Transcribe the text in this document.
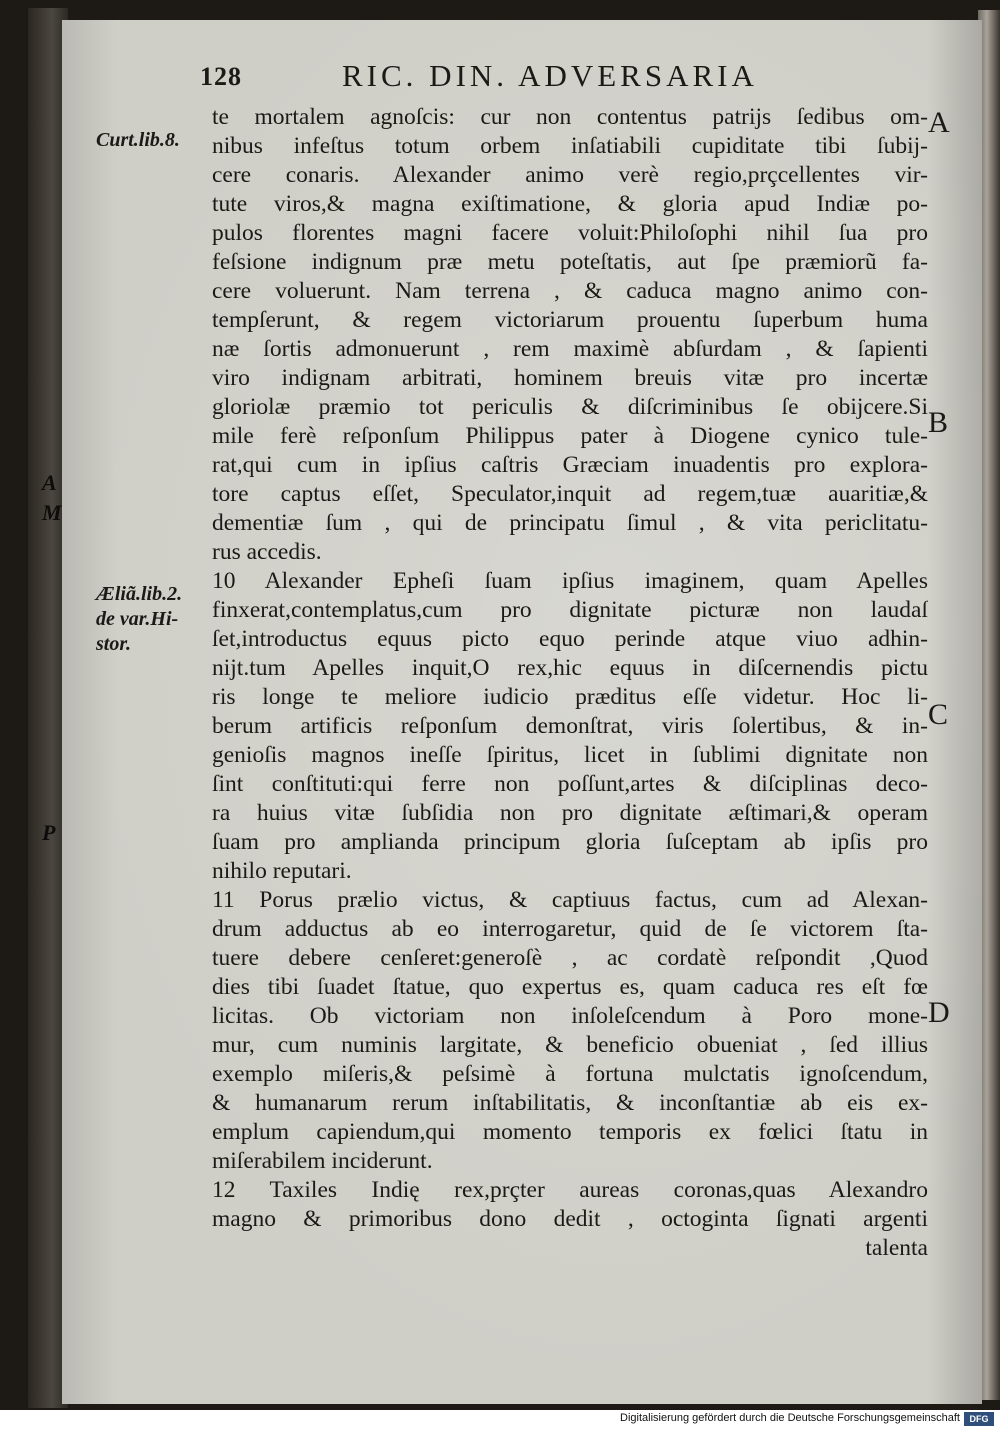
A
M
P
128	RIC. DIN. ADVERSARIA
Curt.lib.8.
Æliã.lib.2.
de var.Hi-
stor.
A
B
C
D
te mortalem agnoſcis: cur non contentus patrijs ſedibus om-
nibus infeſtus totum orbem inſatiabili cupiditate tibi ſubij-
cere conaris. Alexander animo verè regio,prçcellentes vir-
tute viros,& magna exiſtimatione, & gloria apud Indiæ po-
pulos florentes magni facere voluit:Philoſophi nihil ſua pro
feſsione indignum præ metu poteſtatis, aut ſpe præmiorũ fa-
cere voluerunt. Nam terrena , & caduca magno animo con-
tempſerunt, & regem victoriarum prouentu ſuperbum huma
næ ſortis admonuerunt , rem maximè abſurdam , & ſapienti
viro indignam arbitrati, hominem breuis vitæ pro incertæ
gloriolæ præmio tot periculis & diſcriminibus ſe obijcere.Si
mile ferè reſponſum Philippus pater à Diogene cynico tule-
rat,qui cum in ipſius caſtris Græciam inuadentis pro explora-
tore captus eſſet, Speculator,inquit ad regem,tuæ auaritiæ,&
dementiæ ſum , qui de principatu ſimul , & vita periclitatu-
rus accedis.
10 Alexander Epheſi ſuam ipſius imaginem, quam Apelles
finxerat,contemplatus,cum pro dignitate picturæ non laudaſ
ſet,introductus equus picto equo perinde atque viuo adhin-
nijt.tum Apelles inquit,O rex,hic equus in diſcernendis pictu
ris longe te meliore iudicio præditus eſſe videtur. Hoc li-
berum artificis reſponſum demonſtrat, viris ſolertibus, & in-
genioſis magnos ineſſe ſpiritus, licet in ſublimi dignitate non
ſint conſtituti:qui ferre non poſſunt,artes & diſciplinas deco-
ra huius vitæ ſubſidia non pro dignitate æſtimari,& operam
ſuam pro amplianda principum gloria ſuſceptam ab ipſis pro
nihilo reputari.
11 Porus prælio victus, & captiuus factus, cum ad Alexan-
drum adductus ab eo interrogaretur, quid de ſe victorem ſta-
tuere debere cenſeret:generoſè , ac cordatè reſpondit ,Quod
dies tibi ſuadet ſtatue, quo expertus es, quam caduca res eſt fœ
licitas. Ob victoriam non inſoleſcendum à Poro mone-
mur, cum numinis largitate, & beneficio obueniat , ſed illius
exemplo miſeris,& peſsimè à fortuna mulctatis ignoſcendum,
& humanarum rerum inſtabilitatis, & inconſtantiæ ab eis ex-
emplum capiendum,qui momento temporis ex fœlici ſtatu in
miſerabilem inciderunt.
12 Taxiles Indię rex,prçter aureas coronas,quas Alexandro
magno & primoribus dono dedit , octoginta ſignati argenti
talenta
Digitalisierung gefördert durch die Deutsche Forschungsgemeinschaft	DFG
